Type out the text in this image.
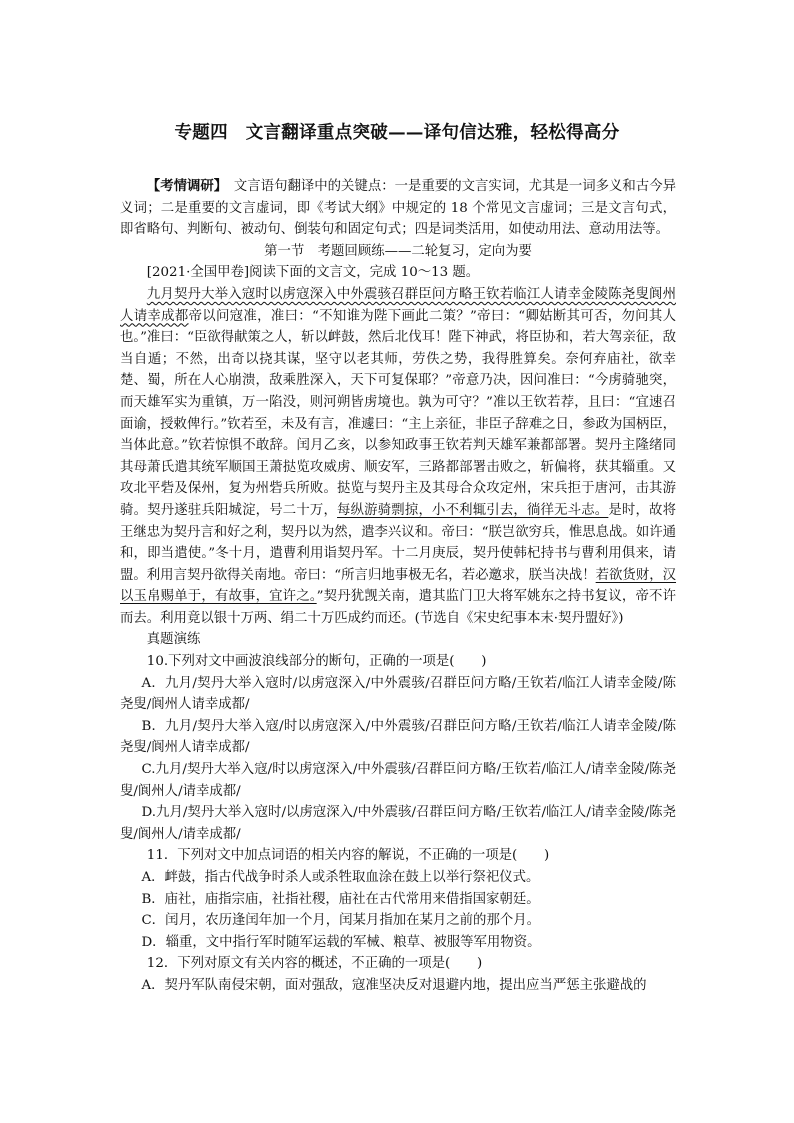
专题四　文言翻译重点突破——译句信达雅，轻松得高分

【考情调研】　文言语句翻译中的关键点：一是重要的文言实词，尤其是一词多义和古今异义词；二是重要的文言虚词，即《考试大纲》中规定的 18 个常见文言虚词；三是文言句式，即省略句、判断句、被动句、倒装句和固定句式；四是词类活用，如使动用法、意动用法等。

第一节　考题回顾练——二轮复习，定向为要

[2021·全国甲卷]阅读下面的文言文，完成 10～13 题。

九月契丹大举入寇时以虏寇深入中外震骇召群臣问方略王钦若临江人请幸金陵陈尧叟阆州人请幸成都帝以问寇准，准曰：“不知谁为陛下画此二策？”帝曰：“卿姑断其可否，勿问其人也。”准曰：“臣欲得献策之人，斩以衅鼓，然后北伐耳！陛下神武，将臣协和，若大驾亲征，敌当自遁；不然，出奇以挠其谋，坚守以老其师，劳佚之势，我得胜算矣。奈何弃庙社，欲幸楚、蜀，所在人心崩溃，敌乘胜深入，天下可复保耶？”帝意乃决，因问准曰：“今虏骑驰突，而天雄军实为重镇，万一陷没，则河朔皆虏境也。孰为可守？”准以王钦若荐，且曰：“宜速召面谕，授敕俾行。”钦若至，未及有言，准遽曰：“主上亲征，非臣子辞难之日，参政为国柄臣，当体此意。”钦若惊惧不敢辞。闰月乙亥，以参知政事王钦若判天雄军兼都部署。契丹主隆绪同其母萧氏遣其统军顺国王萧挞览攻威虏、顺安军，三路都部署击败之，斩偏将，获其辎重。又攻北平砦及保州，复为州砦兵所败。挞览与契丹主及其母合众攻定州，宋兵拒于唐河，击其游骑。契丹遂驻兵阳城淀，号二十万，每纵游骑剽掠，小不利辄引去，徜徉无斗志。是时，故将王继忠为契丹言和好之利，契丹以为然，遣李兴议和。帝曰：“朕岂欲穷兵，惟思息战。如许通和，即当遣使。”冬十月，遣曹利用诣契丹军。十二月庚辰，契丹使韩杞持书与曹利用俱来，请盟。利用言契丹欲得关南地。帝曰：“所言归地事极无名，若必邀求，朕当决战！若欲货财，汉以玉帛赐单于，有故事，宜许之。”契丹犹觊关南，遣其监门卫大将军姚东之持书复议，帝不许而去。利用竟以银十万两、绢二十万匹成约而还。(节选自《宋史纪事本末·契丹盟好》)

真题演练

10.下列对文中画波浪线部分的断句，正确的一项是(　　)

A．九月/契丹大举入寇时/以虏寇深入/中外震骇/召群臣问方略/王钦若/临江人请幸金陵/陈尧叟/阆州人请幸成都/

B．九月/契丹大举入寇/时以虏寇深入/中外震骇/召群臣问方略/王钦若/临江人请幸金陵/陈尧叟/阆州人请幸成都/

C.九月/契丹大举入寇/时以虏寇深入/中外震骇/召群臣问方略/王钦若/临江人/请幸金陵/陈尧叟/阆州人/请幸成都/

D.九月/契丹大举入寇时/以虏寇深入/中外震骇/召群臣问方略/王钦若/临江人/请幸金陵/陈尧叟/阆州人/请幸成都/

11．下列对文中加点词语的相关内容的解说，不正确的一项是(　　)

A．衅鼓，指古代战争时杀人或杀牲取血涂在鼓上以举行祭祀仪式。

B．庙社，庙指宗庙，社指社稷，庙社在古代常用来借指国家朝廷。

C．闰月，农历逢闰年加一个月，闰某月指加在某月之前的那个月。

D．辎重，文中指行军时随军运载的军械、粮草、被服等军用物资。

12．下列对原文有关内容的概述，不正确的一项是(　　)

A．契丹军队南侵宋朝，面对强敌，寇准坚决反对退避内地，提出应当严惩主张避战的
